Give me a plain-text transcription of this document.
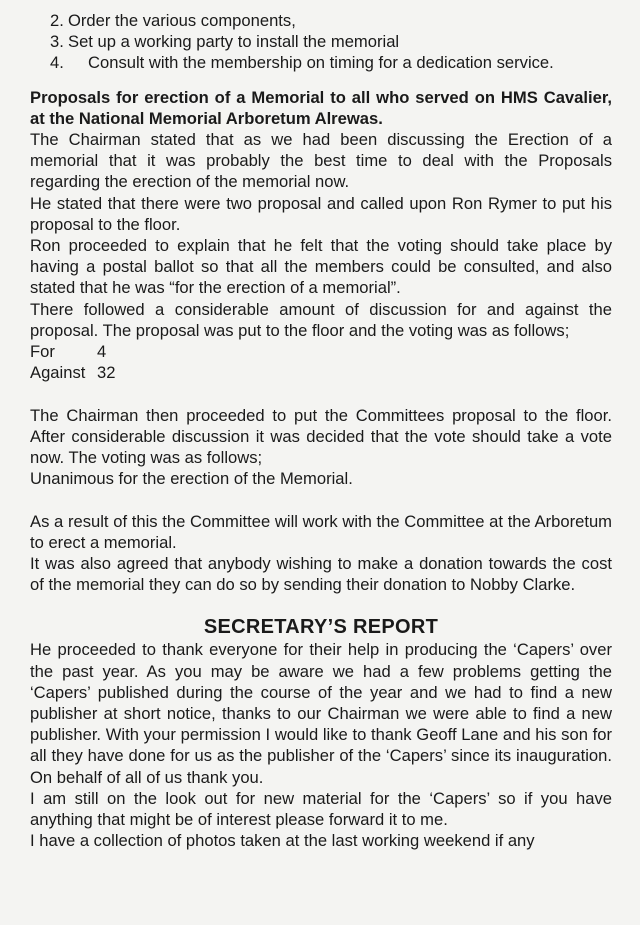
2. Order the various components,
3. Set up a working party to install the memorial
4.	Consult with the membership on timing for a dedication service.
Proposals for erection of a Memorial to all who served on HMS Cavalier, at the National Memorial Arboretum Alrewas.

The Chairman stated that as we had been discussing the Erection of a memorial that it was probably the best time to deal with the Proposals regarding the erection of the memorial now.

He stated that there were two proposal and called upon Ron Rymer to put his proposal to the floor.

Ron proceeded to explain that he felt that the voting should take place by having a postal ballot so that all the members could be consulted, and also stated that he was “for the erection of a memorial”.

There followed a considerable amount of discussion for and against the proposal. The proposal was put to the floor and the voting was as follows;

For	4
Against 32

The Chairman then proceeded to put the Committees proposal to the floor. After considerable discussion it was decided that the vote should take a vote now. The voting was as follows;

Unanimous for the erection of the Memorial.

As a result of this the Committee will work with the Committee at the Arboretum to erect a memorial.

It was also agreed that anybody wishing to make a donation towards the cost of the memorial they can do so by sending their donation to Nobby Clarke.

SECRETARY’S REPORT

He proceeded to thank everyone for their help in producing the ‘Capers’ over the past year. As you may be aware we had a few problems getting the ‘Capers’ published during the course of the year and we had to find a new publisher at short notice, thanks to our Chairman we were able to find a new publisher. With your permission I would like to thank Geoff Lane and his son for all they have done for us as the publisher of the ‘Capers’ since its inauguration. On behalf of all of us thank you.

I am still on the look out for new material for the ‘Capers’ so if you have anything that might be of interest please forward it to me.

I have a collection of photos taken at the last working weekend if any
